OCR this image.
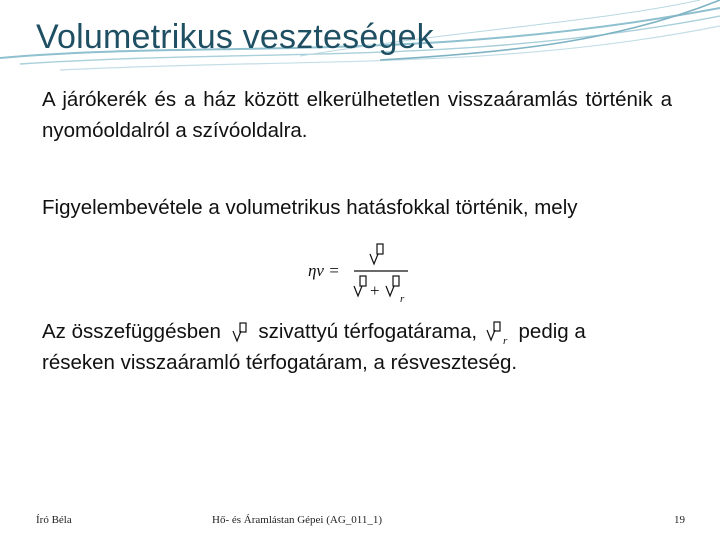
Volumetrikus veszteségek
A járókerék és a ház között elkerülhetetlen visszaáramlás történik a nyomóoldalról a szívóoldalra.
Figyelembevétele a volumetrikus hatásfokkal történik, mely
ηv =
+ r
Az összefüggésben szivattyú térfogatárama, r pedig a
réseken visszaáramló térfogatáram, a résveszteség.
Író Béla	Hő- és Áramlástan Gépei (AG_011_1)	19
